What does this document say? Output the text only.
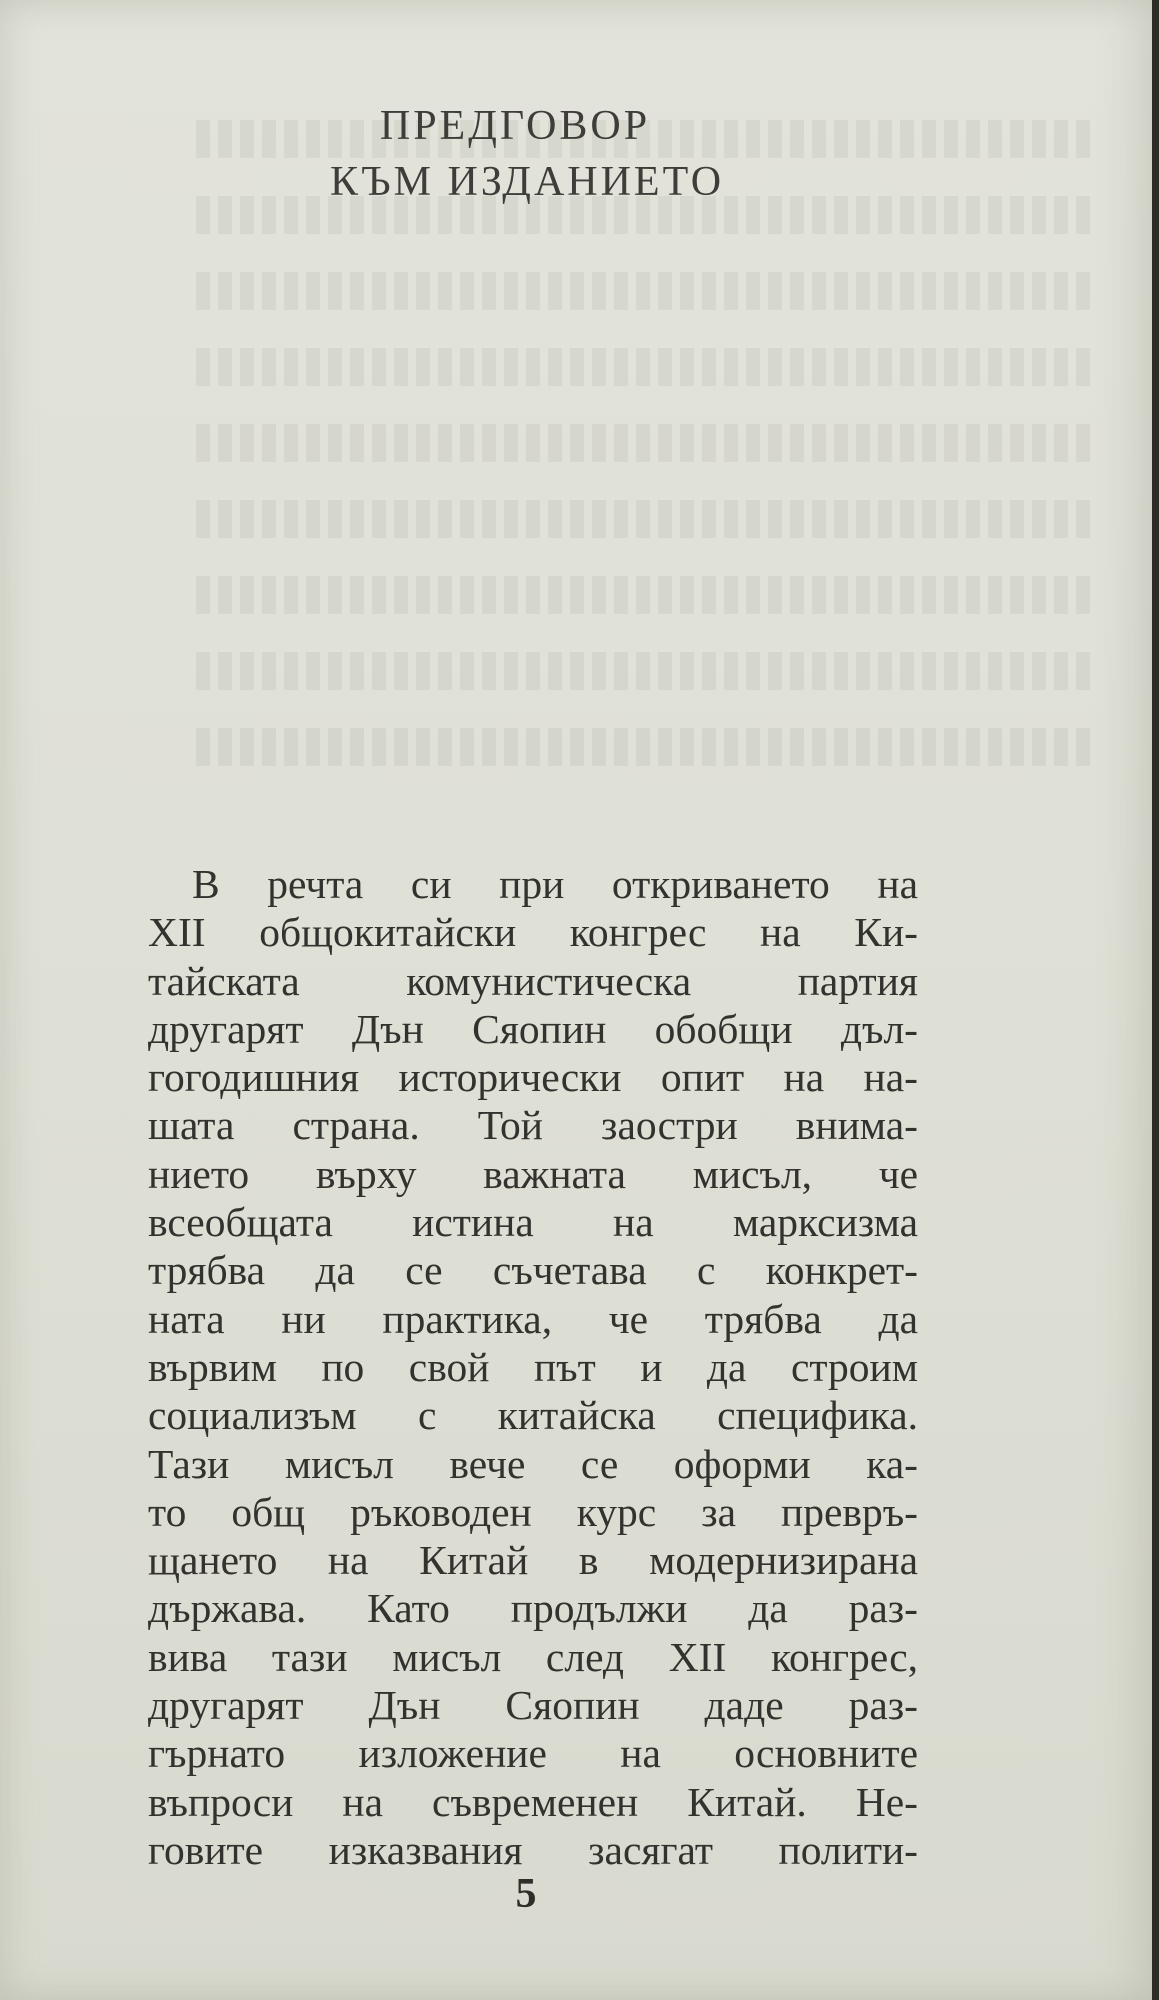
ПРЕДГОВОР
КЪМ ИЗДАНИЕТО
В речта си при откриването на
XII общокитайски конгрес на Ки-
тайската комунистическа партия
другарят Дън Сяопин обобщи дъл-
гогодишния исторически опит на на-
шата страна. Той заостри внима-
нието върху важната мисъл, че
всеобщата истина на марксизма
трябва да се съчетава с конкрет-
ната ни практика, че трябва да
вървим по свой път и да строим
социализъм с китайска специфика.
Тази мисъл вече се оформи ка-
то общ ръководен курс за превръ-
щането на Китай в модернизирана
държава. Като продължи да раз-
вива тази мисъл след XII конгрес,
другарят Дън Сяопин даде раз-
гърнато изложение на основните
въпроси на съвременен Китай. Не-
говите изказвания засягат полити-
5
